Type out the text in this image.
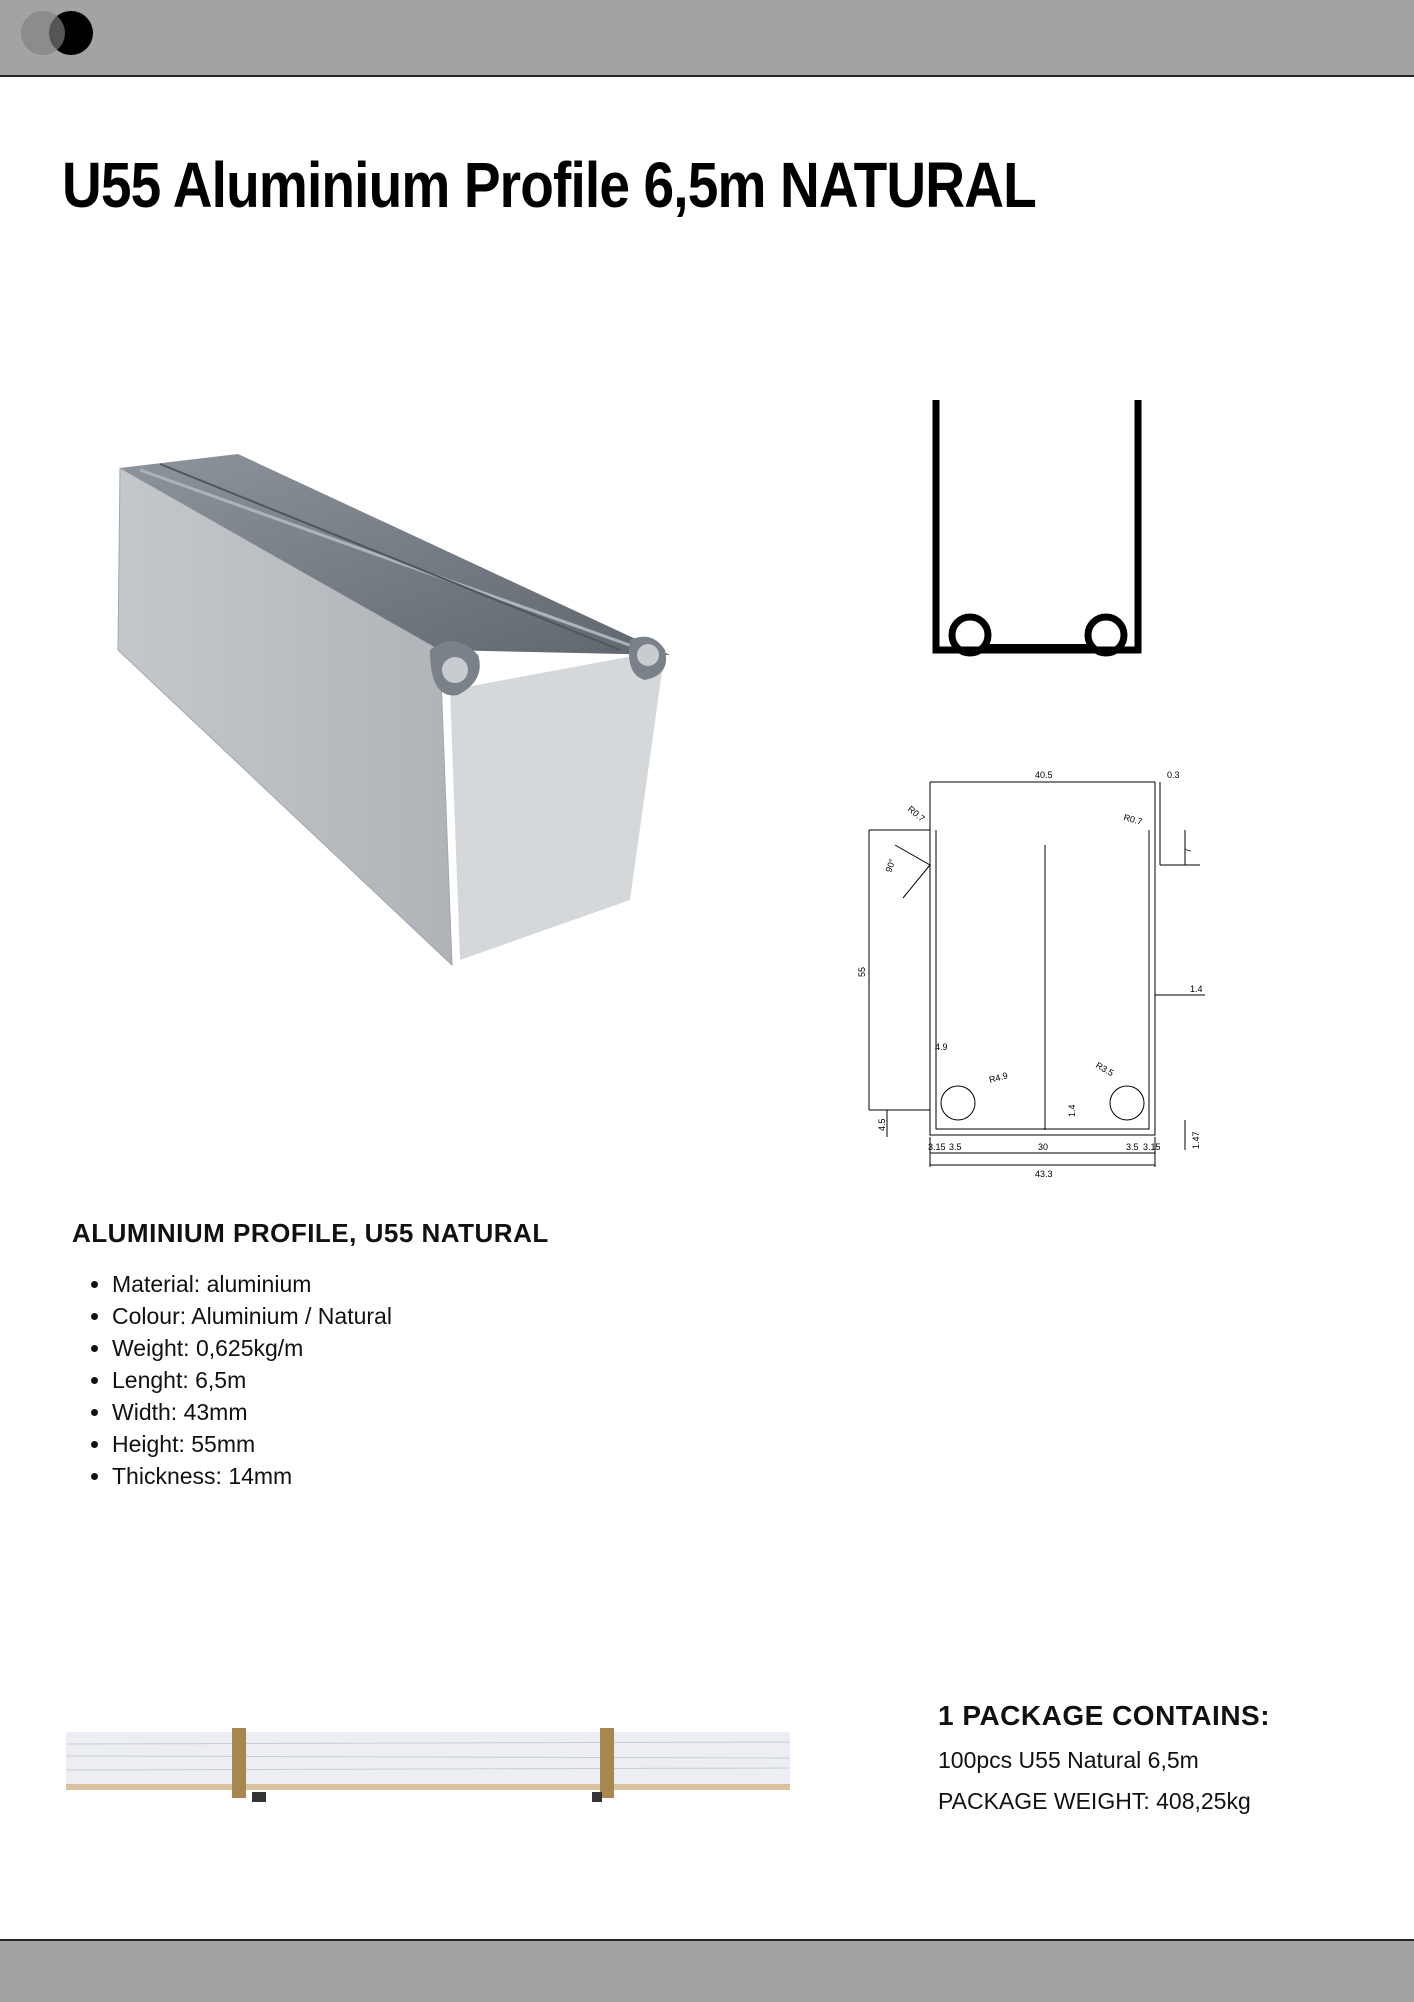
U55 Aluminium Profile 6,5m NATURAL
40.5	0.3
R0.7	R0.7
90°
7
55
1.4
4.9
R4.9	R3.5
1.4
4.5
1.47
3.15 3.5	30	3.5 3.15
43.3
ALUMINIUM PROFILE, U55 NATURAL
• Material: aluminium
• Colour: Aluminium / Natural
• Weight: 0,625kg/m
• Lenght: 6,5m
• Width: 43mm
• Height: 55mm
• Thickness: 14mm
1 PACKAGE CONTAINS:

100pcs U55 Natural 6,5m

PACKAGE WEIGHT: 408,25kg
